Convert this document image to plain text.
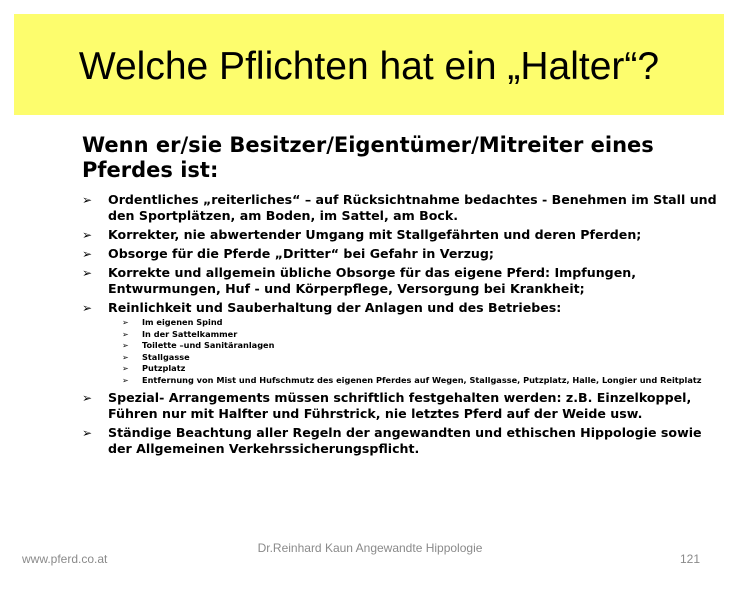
Welche Pflichten hat ein „Halter“?
Wenn er/sie Besitzer/Eigentümer/Mitreiter eines Pferdes ist:
➢ Ordentliches „reiterliches“ – auf Rücksichtnahme bedachtes - Benehmen im Stall und den Sportplätzen, am Boden, im Sattel, am Bock.
➢ Korrekter, nie abwertender Umgang mit Stallgefährten und deren Pferden;
➢ Obsorge für die Pferde „Dritter“ bei Gefahr in Verzug;
➢ Korrekte und allgemein übliche Obsorge für das eigene Pferd: Impfungen, Entwurmungen, Huf - und Körperpflege, Versorgung bei Krankheit;
➢ Reinlichkeit und Sauberhaltung der Anlagen und des Betriebes:
➢ Im eigenen Spind
➢ In der Sattelkammer
➢ Toilette –und Sanitäranlagen
➢ Stallgasse
➢ Putzplatz
➢ Entfernung von Mist und Hufschmutz des eigenen Pferdes auf Wegen, Stallgasse, Putzplatz, Halle, Longier und Reitplatz
➢ Spezial- Arrangements müssen schriftlich festgehalten werden: z.B. Einzelkoppel, Führen nur mit Halfter und Führstrick, nie letztes Pferd auf der Weide usw.
➢ Ständige Beachtung aller Regeln der angewandten und ethischen Hippologie sowie der Allgemeinen Verkehrssicherungspflicht.
www.pferd.co.at
Dr.Reinhard Kaun Angewandte Hippologie
121
